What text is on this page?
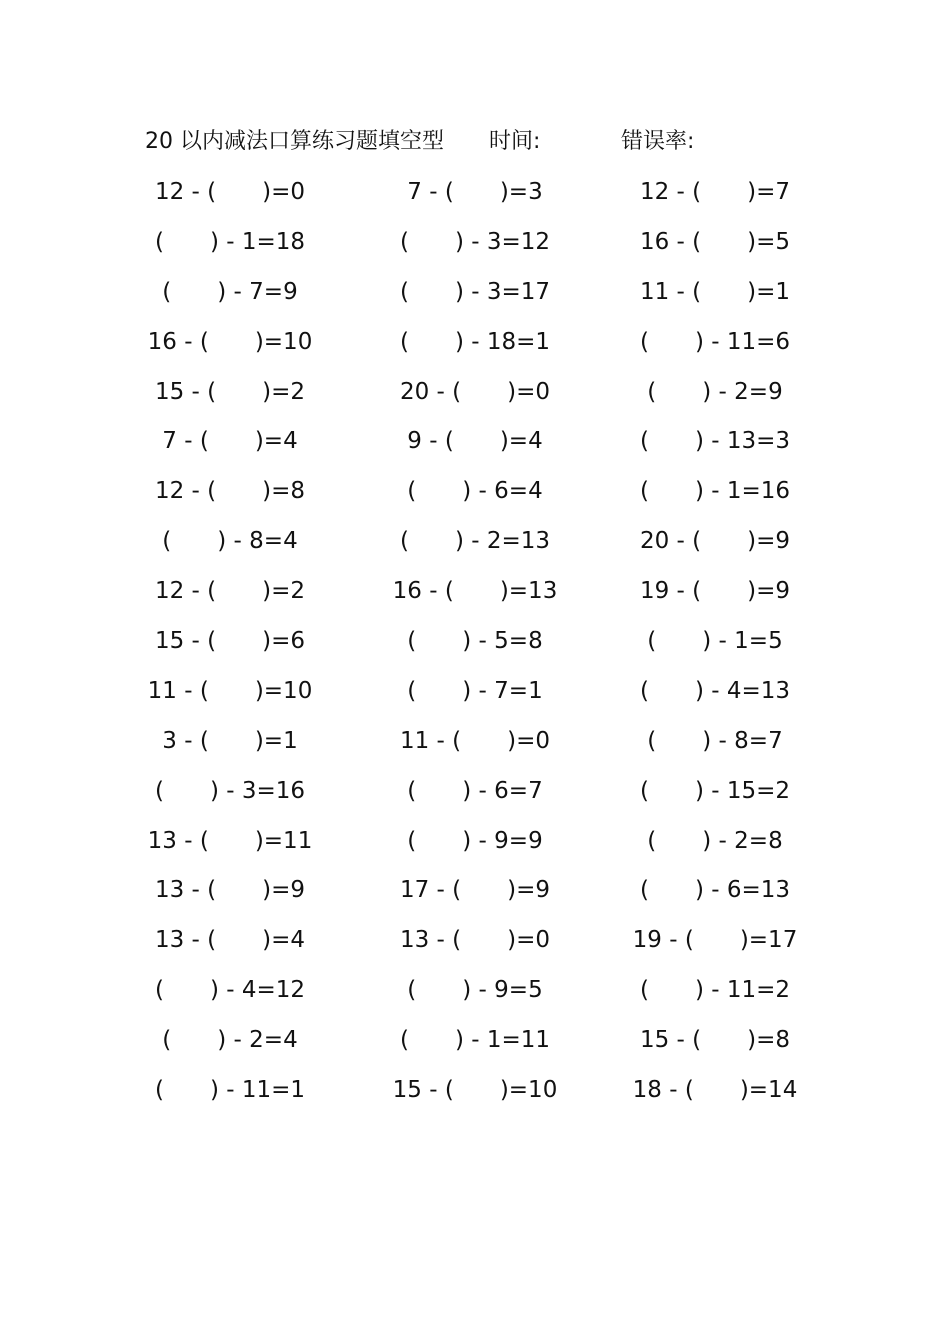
20 以内减法口算练习题填空型 时间:	错误率:
12 - (　　)=0	7 - (　　)=3	12 - (　　)=7
(　　) - 1=18	(　　) - 3=12	16 - (　　)=5
(　　) - 7=9	(　　) - 3=17	11 - (　　)=1
16 - (　　)=10	(　　) - 18=1	(　　) - 11=6
15 - (　　)=2	20 - (　　)=0	(　　) - 2=9
7 - (　　)=4	9 - (　　)=4	(　　) - 13=3
12 - (　　)=8	(　　) - 6=4	(　　) - 1=16
(　　) - 8=4	(　　) - 2=13	20 - (　　)=9
12 - (　　)=2	16 - (　　)=13	19 - (　　)=9
15 - (　　)=6	(　　) - 5=8	(　　) - 1=5
11 - (　　)=10	(　　) - 7=1	(　　) - 4=13
3 - (　　)=1	11 - (　　)=0	(　　) - 8=7
(　　) - 3=16	(　　) - 6=7	(　　) - 15=2
13 - (　　)=11	(　　) - 9=9	(　　) - 2=8
13 - (　　)=9	17 - (　　)=9	(　　) - 6=13
13 - (　　)=4	13 - (　　)=0	19 - (　　)=17
(　　) - 4=12	(　　) - 9=5	(　　) - 11=2
(　　) - 2=4	(　　) - 1=11	15 - (　　)=8
(　　) - 11=1	15 - (　　)=10	18 - (　　)=14
